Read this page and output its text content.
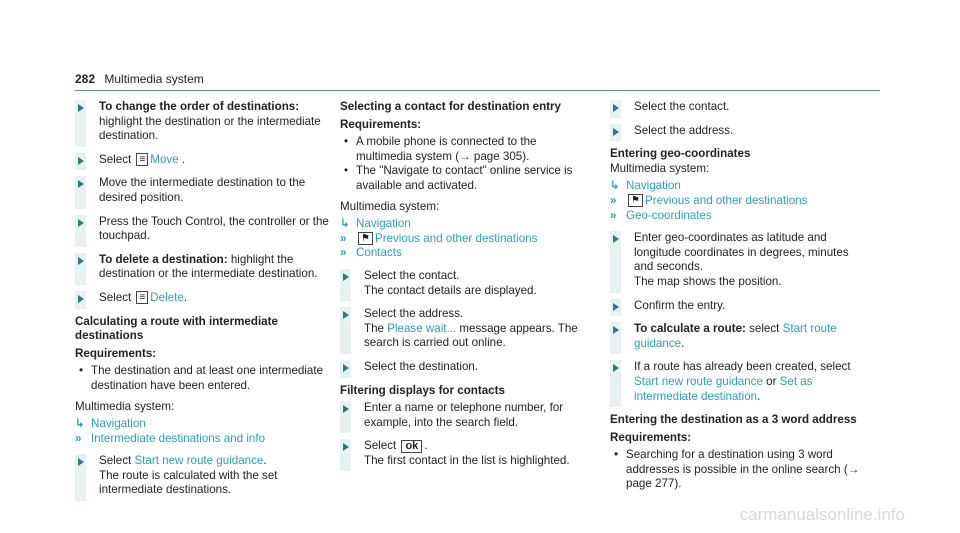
282 Multimedia system
To change the order of destinations: highlight the destination or the intermediate destination.
Select ≡ Move .
Move the intermediate destination to the desired position.
Press the Touch Control, the controller or the touchpad.
To delete a destination: highlight the destination or the intermediate destination.
Select ≡ Delete.
Calculating a route with intermediate destinations

Requirements:

• The destination and at least one intermediate destination have been entered.

Multimedia system:

↳ Navigation
» Intermediate destinations and info
Select Start new route guidance.
The route is calculated with the set intermediate destinations.
Selecting a contact for destination entry

Requirements:

• A mobile phone is connected to the multimedia system (→ page 305).
• The "Navigate to contact" online service is available and activated.

Multimedia system:

↳ Navigation
» ⚑ Previous and other destinations
» Contacts
Select the contact.
The contact details are displayed.
Select the address.
The Please wait... message appears. The search is carried out online.
Select the destination.
Filtering displays for contacts
Enter a name or telephone number, for example, into the search field.
Select ok .
The first contact in the list is highlighted.
Select the contact.
Select the address.
Entering geo-coordinates

Multimedia system:

↳ Navigation
» ⚑ Previous and other destinations
» Geo-coordinates
Enter geo-coordinates as latitude and longitude coordinates in degrees, minutes and seconds.
The map shows the position.
Confirm the entry.
To calculate a route: select Start route guidance.
If a route has already been created, select Start new route guidance or Set as intermediate destination.
Entering the destination as a 3 word address

Requirements:

• Searching for a destination using 3 word addresses is possible in the online search (→ page 277).
carmanualsonline.info
